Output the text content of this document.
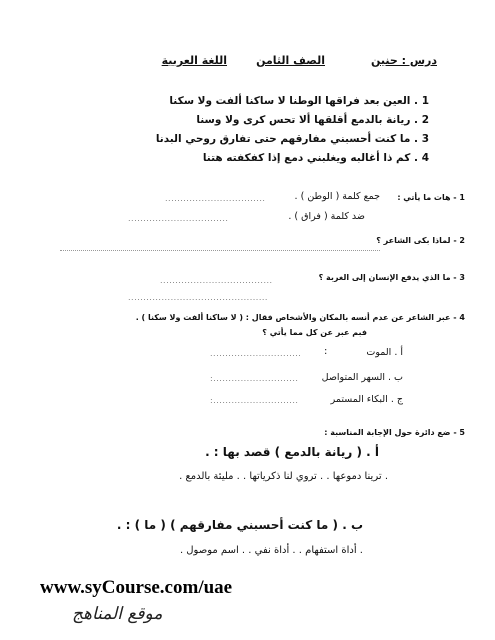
درس : حنين
الصف الثامن
اللغة العربية
1 . العين بعد فراقها الوطنا لا ساكنا ألفت ولا سكنا
2 . ريانة بالدمع أقلقها ألا تحس كرى ولا وسنا
3 . ما كنت أحسبني مفارقهم حتى تفارق روحي البدنا
4 . كم ذا أغالبه ويغلبني دمع إذا كفكفته هتنا
1 - هات ما يأتي :
جمع كلمة ( الوطن ) .
.................................
ضد كلمة ( فراق ) .
.................................
2 - لماذا بكى الشاعر ؟
3 - ما الذي يدفع الإنسان إلى الغربة ؟
.....................................
..............................................
4 - عبر الشاعر عن عدم أنسه بالمكان والأشخاص فقال : ( لا ساكنا ألفت ولا سكنا ) .
فبم عبر عن كل مما يأتي ؟
أ . الموت
:
..............................
ب . السهر المتواصل
:............................
ج . البكاء المستمر
:............................
5 - ضع دائرة حول الإجابة المناسبة :
أ . ( ريانة بالدمع ) قصد بها : .
. ترينا دموعها . . تروي لنا ذكرياتها . . مليئة بالدمع .
ب . ( ما كنت أحسبني مفارقهم ) ( ما ) : .
. أداة استفهام . . أداة نفي . . اسم موصول .
www.syCourse.com/uae
موقع المناهج
